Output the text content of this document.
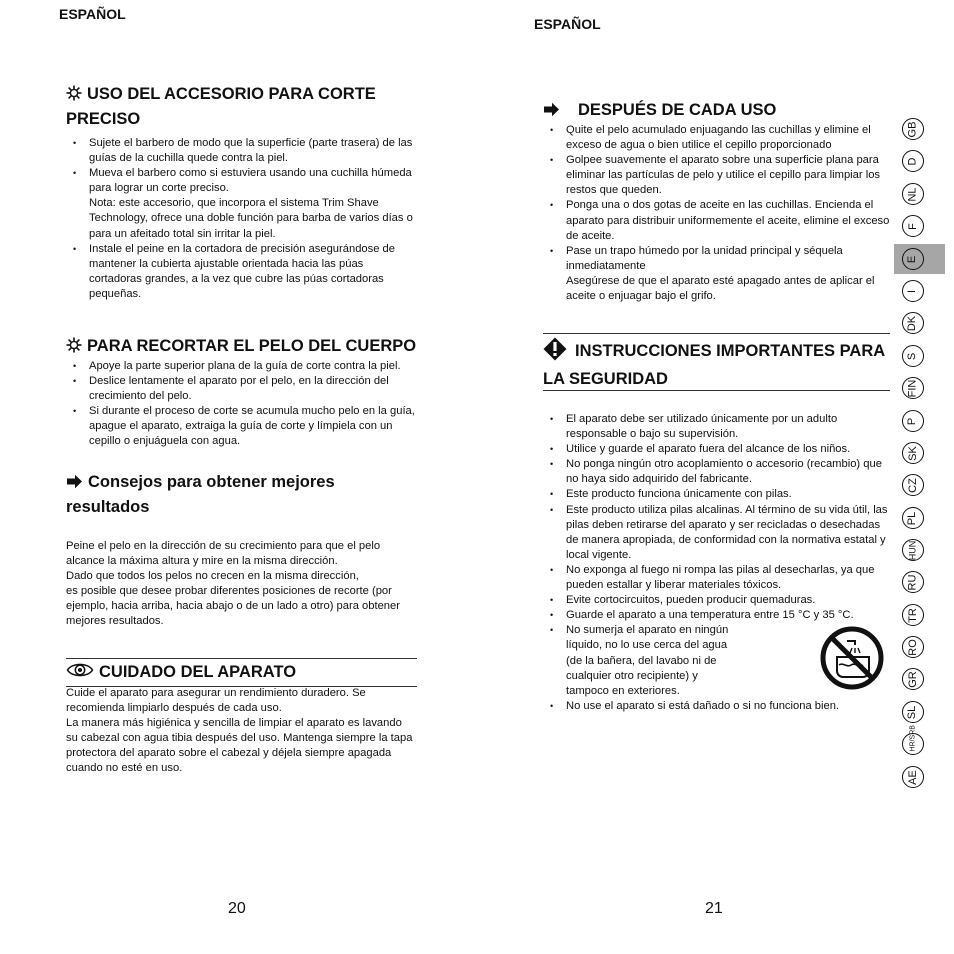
ESPAÑOL
USO DEL ACCESORIO PARA CORTE PRECISO
• Sujete el barbero de modo que la superficie (parte trasera) de las guías de la cuchilla quede contra la piel.
• Mueva el barbero como si estuviera usando una cuchilla húmeda para lograr un corte preciso.
Nota: este accesorio, que incorpora el sistema Trim Shave Technology, ofrece una doble función para barba de varios días o para un afeitado total sin irritar la piel.
• Instale el peine en la cortadora de precisión asegurándose de mantener la cubierta ajustable orientada hacia las púas cortadoras grandes, a la vez que cubre las púas cortadoras pequeñas.
PARA RECORTAR EL PELO DEL CUERPO
• Apoye la parte superior plana de la guía de corte contra la piel.
• Deslice lentamente el aparato por el pelo, en la dirección del crecimiento del pelo.
• Si durante el proceso de corte se acumula mucho pelo en la guía, apague el aparato, extraiga la guía de corte y límpiela con un cepillo o enjuáguela con agua.
Consejos para obtener mejores resultados
Peine el pelo en la dirección de su crecimiento para que el pelo alcance la máxima altura y mire en la misma dirección.
Dado que todos los pelos no crecen en la misma dirección,
es posible que desee probar diferentes posiciones de recorte (por ejemplo, hacia arriba, hacia abajo o de un lado a otro) para obtener mejores resultados.
CUIDADO DEL APARATO
Cuide el aparato para asegurar un rendimiento duradero. Se recomienda limpiarlo después de cada uso.
La manera más higiénica y sencilla de limpiar el aparato es lavando su cabezal con agua tibia después del uso. Mantenga siempre la tapa protectora del aparato sobre el cabezal y déjela siempre apagada cuando no esté en uso.
20
ESPAÑOL
DESPUÉS DE CADA USO
• Quite el pelo acumulado enjuagando las cuchillas y elimine el exceso de agua o bien utilice el cepillo proporcionado
• Golpee suavemente el aparato sobre una superficie plana para eliminar las partículas de pelo y utilice el cepillo para limpiar los restos que queden.
• Ponga una o dos gotas de aceite en las cuchillas. Encienda el aparato para distribuir uniformemente el aceite, elimine el exceso de aceite.
• Pase un trapo húmedo por la unidad principal y séquela inmediatamente
Asegúrese de que el aparato esté apagado antes de aplicar el aceite o enjuagar bajo el grifo.
INSTRUCCIONES IMPORTANTES PARA LA SEGURIDAD
• El aparato debe ser utilizado únicamente por un adulto responsable o bajo su supervisión.
• Utilice y guarde el aparato fuera del alcance de los niños.
• No ponga ningún otro acoplamiento o accesorio (recambio) que no haya sido adquirido del fabricante.
• Este producto funciona únicamente con pilas.
• Este producto utiliza pilas alcalinas. Al término de su vida útil, las pilas deben retirarse del aparato y ser recicladas o desechadas de manera apropiada, de conformidad con la normativa estatal y local vigente.
• No exponga al fuego ni rompa las pilas al desecharlas, ya que pueden estallar y liberar materiales tóxicos.
• Evite cortocircuitos, pueden producir quemaduras.
• Guarde el aparato a una temperatura entre 15 °C y 35 °C.
• No sumerja el aparato en ningún
líquido, no lo use cerca del agua
(de la bañera, del lavabo ni de
cualquier otro recipiente) y
tampoco en exteriores.
• No use el aparato si está dañado o si no funciona bien.
21
GB
D
NL
F
E
I
DK
S
FIN
P
SK
CZ
PL
HUN
RU
TR
RO
GR
SL
HR/SRB
AE
